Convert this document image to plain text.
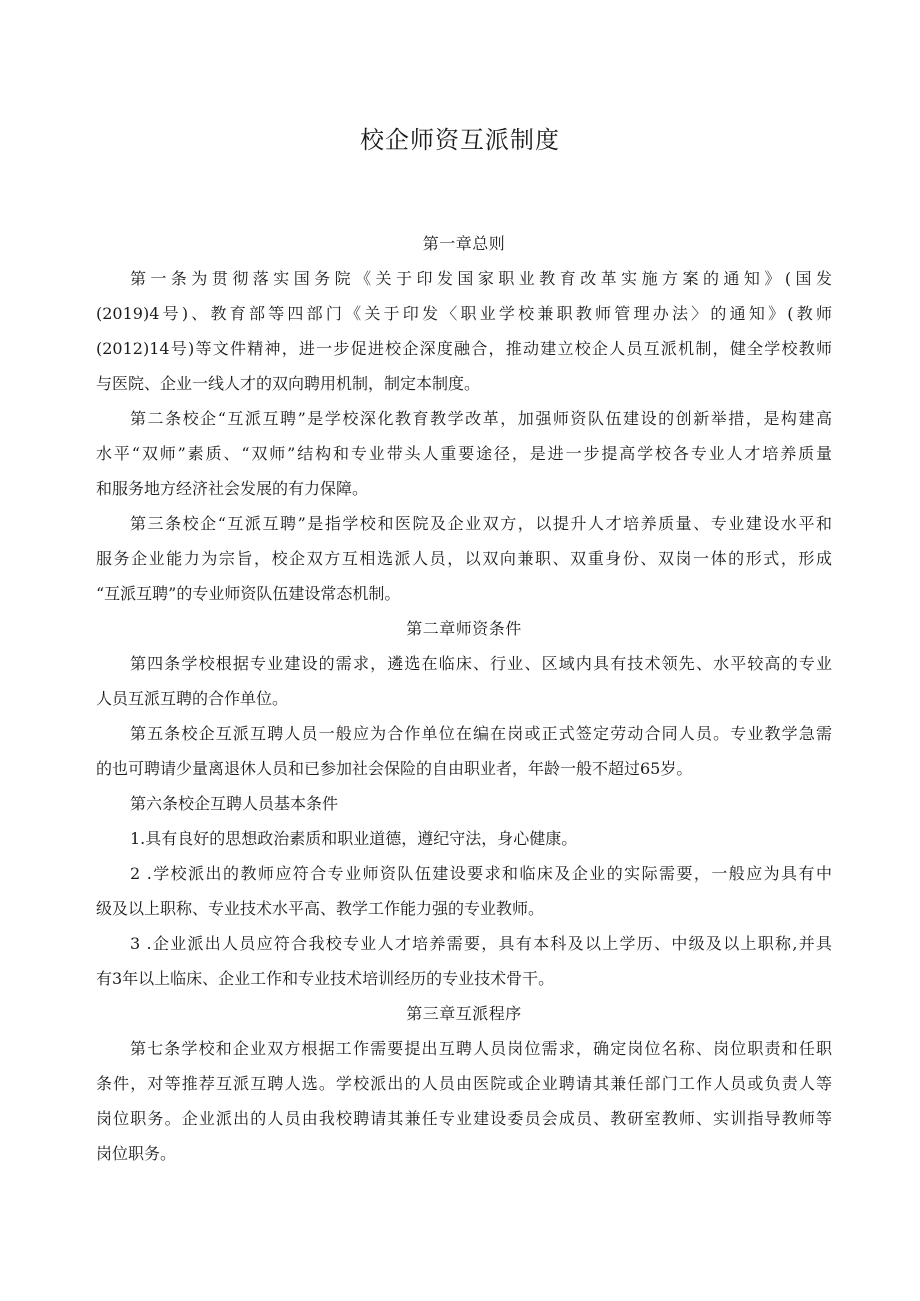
校企师资互派制度
第一章总则
第一条为贯彻落实国务院《关于印发国家职业教育改革实施方案的通知》(国发
(2019)4号)、教育部等四部门《关于印发〈职业学校兼职教师管理办法〉的通知》(教师
(2012)14号)等文件精神，进一步促进校企深度融合，推动建立校企人员互派机制，健全学校教师
与医院、企业一线人才的双向聘用机制，制定本制度。
第二条校企“互派互聘”是学校深化教育教学改革，加强师资队伍建设的创新举措，是构建高
水平“双师”素质、“双师”结构和专业带头人重要途径，是进一步提高学校各专业人才培养质量
和服务地方经济社会发展的有力保障。
第三条校企“互派互聘”是指学校和医院及企业双方，以提升人才培养质量、专业建设水平和
服务企业能力为宗旨，校企双方互相选派人员，以双向兼职、双重身份、双岗一体的形式，形成
“互派互聘”的专业师资队伍建设常态机制。
第二章师资条件
第四条学校根据专业建设的需求，遴选在临床、行业、区域内具有技术领先、水平较高的专业
人员互派互聘的合作单位。
第五条校企互派互聘人员一般应为合作单位在编在岗或正式签定劳动合同人员。专业教学急需
的也可聘请少量离退休人员和已参加社会保险的自由职业者，年龄一般不超过65岁。
第六条校企互聘人员基本条件
1.具有良好的思想政治素质和职业道德，遵纪守法，身心健康。
2 .学校派出的教师应符合专业师资队伍建设要求和临床及企业的实际需要，一般应为具有中
级及以上职称、专业技术水平高、教学工作能力强的专业教师。
3 .企业派出人员应符合我校专业人才培养需要，具有本科及以上学历、中级及以上职称,并具
有3年以上临床、企业工作和专业技术培训经历的专业技术骨干。
第三章互派程序
第七条学校和企业双方根据工作需要提出互聘人员岗位需求，确定岗位名称、岗位职责和任职
条件，对等推荐互派互聘人选。学校派出的人员由医院或企业聘请其兼任部门工作人员或负责人等
岗位职务。企业派出的人员由我校聘请其兼任专业建设委员会成员、教研室教师、实训指导教师等
岗位职务。
